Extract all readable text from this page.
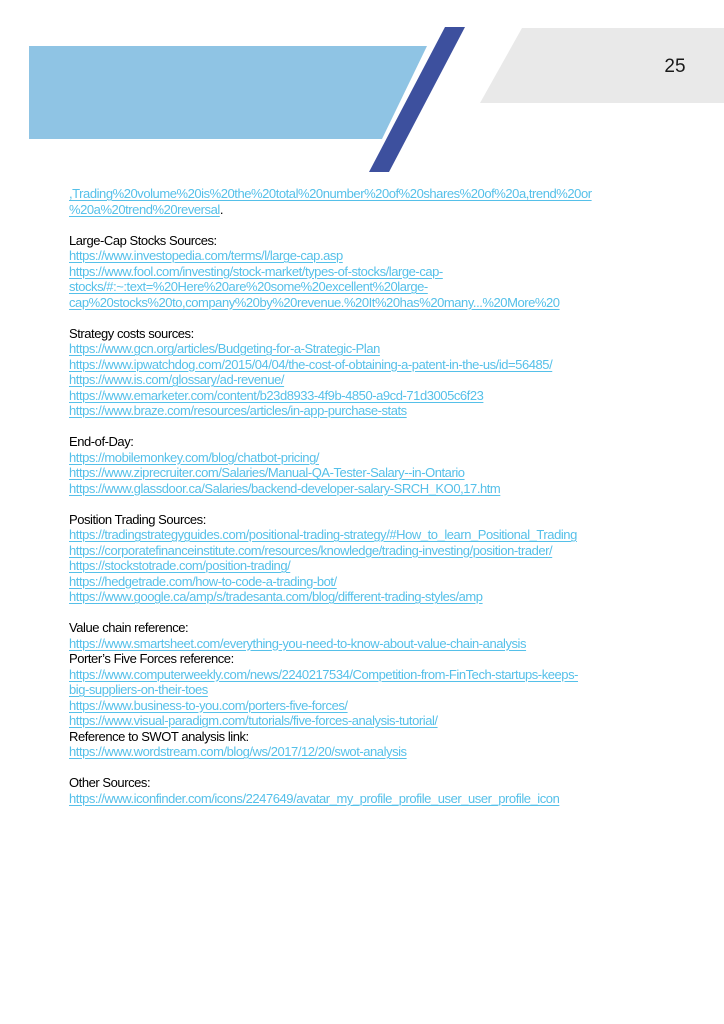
25
,Trading%20volume%20is%20the%20total%20number%20of%20shares%20of%20a,trend%20or
%20a%20trend%20reversal.
Large-Cap Stocks Sources:
https://www.investopedia.com/terms/l/large-cap.asp
https://www.fool.com/investing/stock-market/types-of-stocks/large-cap-
stocks/#:~:text=%20Here%20are%20some%20excellent%20large-
cap%20stocks%20to,company%20by%20revenue.%20It%20has%20many...%20More%20
Strategy costs sources:
https://www.gcn.org/articles/Budgeting-for-a-Strategic-Plan
https://www.ipwatchdog.com/2015/04/04/the-cost-of-obtaining-a-patent-in-the-us/id=56485/
https://www.is.com/glossary/ad-revenue/
https://www.emarketer.com/content/b23d8933-4f9b-4850-a9cd-71d3005c6f23
https://www.braze.com/resources/articles/in-app-purchase-stats
End-of-Day:
https://mobilemonkey.com/blog/chatbot-pricing/
https://www.ziprecruiter.com/Salaries/Manual-QA-Tester-Salary--in-Ontario
https://www.glassdoor.ca/Salaries/backend-developer-salary-SRCH_KO0,17.htm
Position Trading Sources:
https://tradingstrategyguides.com/positional-trading-strategy/#How_to_learn_Positional_Trading
https://corporatefinanceinstitute.com/resources/knowledge/trading-investing/position-trader/
https://stockstotrade.com/position-trading/
https://hedgetrade.com/how-to-code-a-trading-bot/
https://www.google.ca/amp/s/tradesanta.com/blog/different-trading-styles/amp
Value chain reference:
https://www.smartsheet.com/everything-you-need-to-know-about-value-chain-analysis
Porter’s Five Forces reference:
https://www.computerweekly.com/news/2240217534/Competition-from-FinTech-startups-keeps-
big-suppliers-on-their-toes
https://www.business-to-you.com/porters-five-forces/
https://www.visual-paradigm.com/tutorials/five-forces-analysis-tutorial/
Reference to SWOT analysis link:
https://www.wordstream.com/blog/ws/2017/12/20/swot-analysis
Other Sources:
https://www.iconfinder.com/icons/2247649/avatar_my_profile_profile_user_user_profile_icon
